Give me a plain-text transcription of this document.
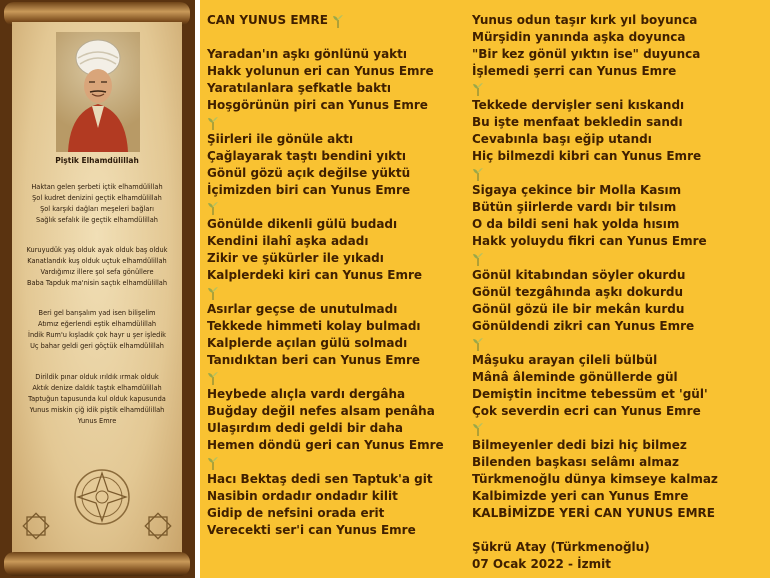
Piştik Elhamdülillah
Haktan gelen şerbeti içtik elhamdülillah
Şol kudret denizini geçtik elhamdülillah
Şol karşıki dağları meşeleri bağları
Sağlık sefalık ile geçtik elhamdülillah
Kuruyudük yaş olduk ayak olduk baş olduk
Kanatlandık kuş olduk uçtuk elhamdülillah
Vardığımız illere şol sefa gönüllere
Baba Tapduk ma'nisin saçtık elhamdülillah
Beri gel barışalım yad isen bilişelim
Atımız eğerlendi eştik elhamdülillah
İndik Rum'u kışladık çok hayr u şer işledik
Uç bahar geldi geri göçtük elhamdülillah
Dirildik pınar olduk ırıldık ırmak olduk
Aktık denize daldık taştık elhamdülillah
Taptuğun tapusunda kul olduk kapusunda
Yunus miskin çiğ idik piştik elhamdülillah
Yunus Emre
CAN YUNUS EMRE
Yaradan'ın aşkı gönlünü yaktı
Hakk yolunun eri can Yunus Emre
Yaratılanlara şefkatle baktı
Hoşgörünün piri can Yunus Emre
Şiirleri ile gönüle aktı
Çağlayarak taştı bendini yıktı
Gönül gözü açık değilse yüktü
İçimizden biri can Yunus Emre
Gönülde dikenli gülü budadı
Kendini ilahî aşka adadı
Zikir ve şükürler ile yıkadı
Kalplerdeki kiri can Yunus Emre
Asırlar geçse de unutulmadı
Tekkede himmeti kolay bulmadı
Kalplerde açılan gülü solmadı
Tanıdıktan beri can Yunus Emre
Heybede alıçla vardı dergâha
Buğday değil nefes alsam penâha
Ulaşırdım dedi geldi bir daha
Hemen döndü geri can Yunus Emre
Hacı Bektaş dedi sen Taptuk'a git
Nasibin ordadır ondadır kilit
Gidip de nefsini orada erit
Verecekti ser'i can Yunus Emre
Yunus odun taşır kırk yıl boyunca
Mürşidin yanında aşka doyunca
"Bir kez gönül yıktın ise" duyunca
İşlemedi şerri can Yunus Emre
Tekkede dervişler seni kıskandı
Bu işte menfaat bekledin sandı
Cevabınla başı eğip utandı
Hiç bilmezdi kibri can Yunus Emre
Sigaya çekince bir Molla Kasım
Bütün şiirlerde vardı bir tılsım
O da bildi seni hak yolda hısım
Hakk yoluydu fikri can Yunus Emre
Gönül kitabından söyler okurdu
Gönül tezgâhında aşkı dokurdu
Gönül gözü ile bir mekân kurdu
Gönüldendi zikri can Yunus Emre
Mâşuku arayan çileli bülbül
Mânâ âleminde gönüllerde gül
Demiştin incitme tebessüm et 'gül'
Çok severdin ecri can Yunus Emre
Bilmeyenler dedi bizi hiç bilmez
Bilenden başkası selâmı almaz
Türkmenoğlu dünya kimseye kalmaz
Kalbimizde yeri can Yunus Emre
KALBİMİZDE YERİ CAN YUNUS EMRE
Şükrü Atay (Türkmenoğlu)
07 Ocak 2022 - İzmit
